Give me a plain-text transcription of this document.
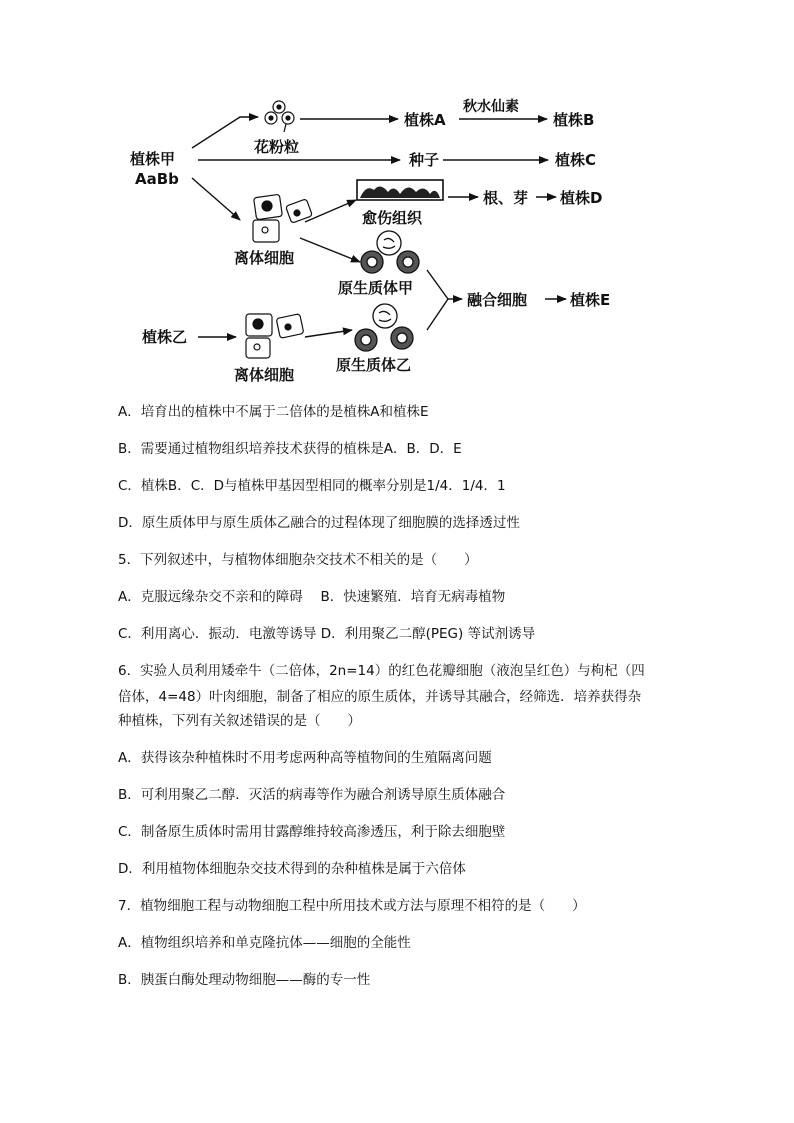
植株甲
AaBb
花粉粒
植株A
秋水仙素
植株B
种子	植株C
离体细胞
愈伤组织
根、芽 植株D
原生质体甲
融合细胞	植株E
植株乙
离体细胞
原生质体乙
A．培育出的植株中不属于二倍体的是植株A和植株E
B．需要通过植物组织培养技术获得的植株是A．B．D．E
C．植株B．C．D与植株甲基因型相同的概率分别是1/4．1/4．1
D．原生质体甲与原生质体乙融合的过程体现了细胞膜的选择透过性
5．下列叙述中，与植物体细胞杂交技术不相关的是（　　）
A．克服远缘杂交不亲和的障碍　 B．快速繁殖．培育无病毒植物
C．利用离心．振动．电激等诱导 D．利用聚乙二醇(PEG) 等试剂诱导
6．实验人员利用矮牵牛（二倍体，2n=14）的红色花瓣细胞（液泡呈红色）与枸杞（四
倍体，4=48）叶肉细胞，制备了相应的原生质体，并诱导其融合，经筛选．培养获得杂
种植株，下列有关叙述错误的是（　　）
A．获得该杂种植株时不用考虑两种高等植物间的生殖隔离问题
B．可利用聚乙二醇．灭活的病毒等作为融合剂诱导原生质体融合
C．制备原生质体时需用甘露醇维持较高渗透压，利于除去细胞壁
D．利用植物体细胞杂交技术得到的杂种植株是属于六倍体
7．植物细胞工程与动物细胞工程中所用技术或方法与原理不相符的是（　　）
A．植物组织培养和单克隆抗体——细胞的全能性
B．胰蛋白酶处理动物细胞——酶的专一性
